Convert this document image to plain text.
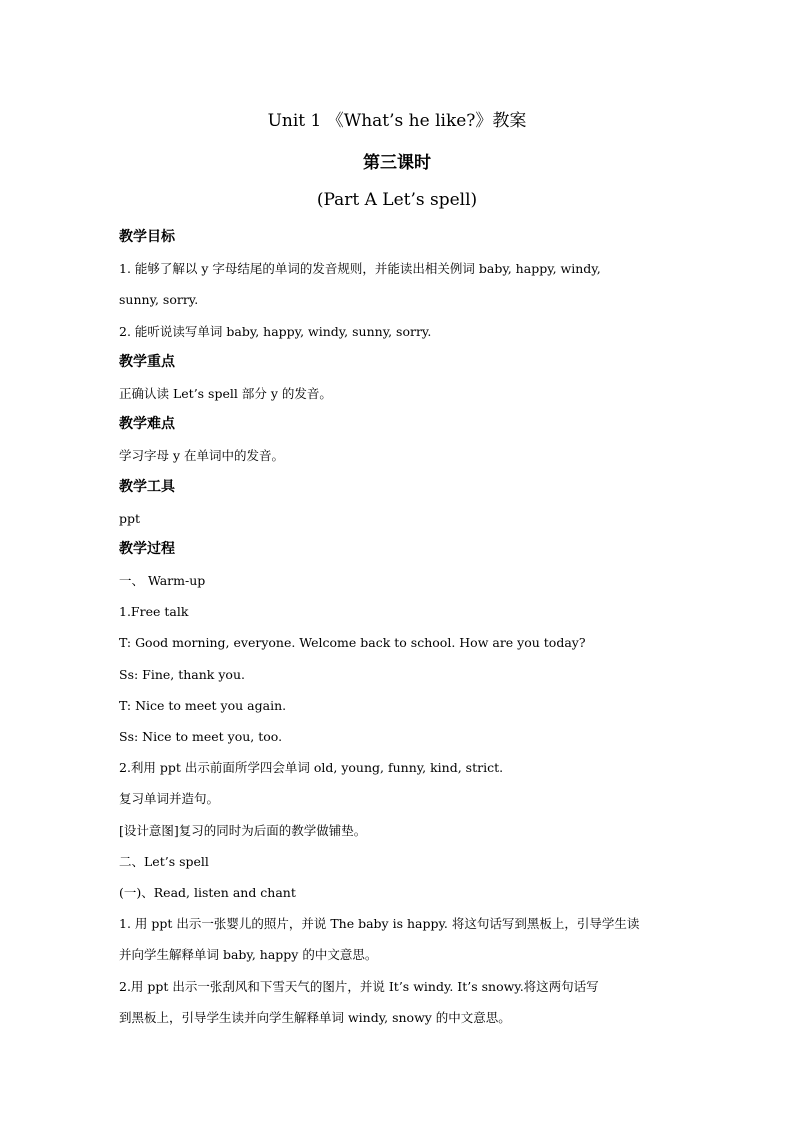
Unit 1 《What’s he like?》教案
第三课时
(Part A Let’s spell)
教学目标
1. 能够了解以 y 字母结尾的单词的发音规则，并能读出相关例词 baby, happy, windy,
sunny, sorry.
2. 能听说读写单词 baby, happy, windy, sunny, sorry.
教学重点
正确认读 Let’s spell 部分 y 的发音。
教学难点
学习字母 y 在单词中的发音。
教学工具
ppt
教学过程
一、 Warm-up
1.Free talk
T: Good morning, everyone. Welcome back to school. How are you today?
Ss: Fine, thank you.
T: Nice to meet you again.
Ss: Nice to meet you, too.
2.利用 ppt 出示前面所学四会单词 old, young, funny, kind, strict.
复习单词并造句。
[设计意图]复习的同时为后面的教学做铺垫。
二、Let’s spell
(一)、Read, listen and chant
1. 用 ppt 出示一张婴儿的照片，并说 The baby is happy. 将这句话写到黑板上，引导学生读
并向学生解释单词 baby, happy 的中文意思。
2.用 ppt 出示一张刮风和下雪天气的图片，并说 It’s windy. It’s snowy.将这两句话写
到黑板上，引导学生读并向学生解释单词 windy, snowy 的中文意思。
